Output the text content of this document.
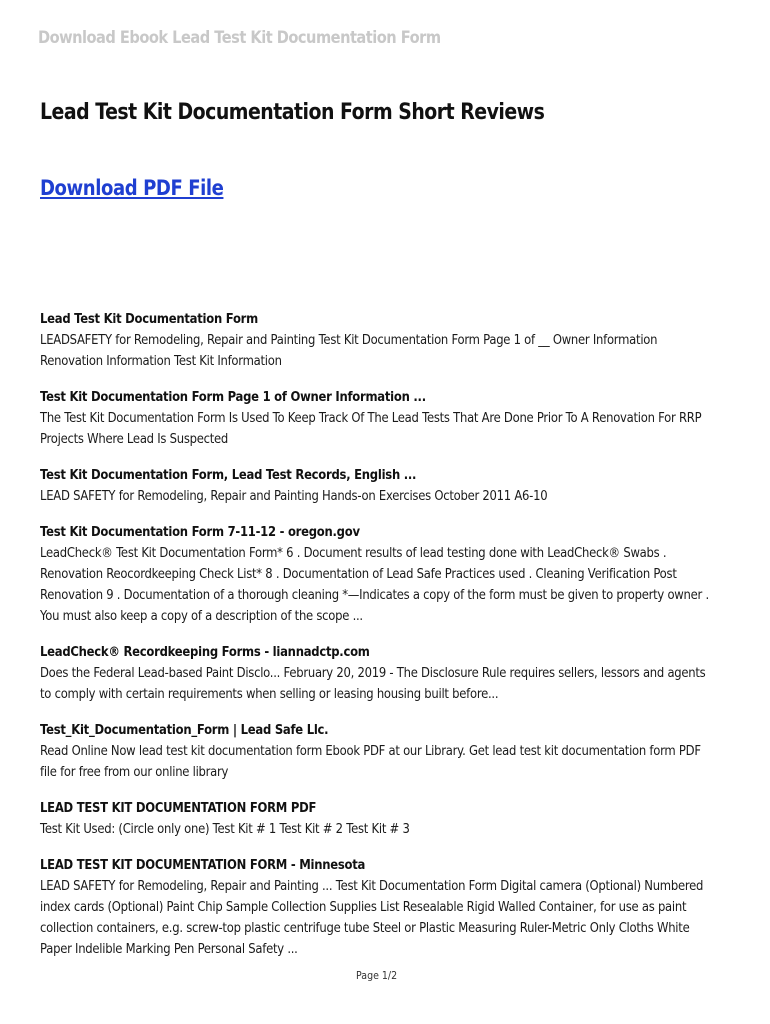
Download Ebook Lead Test Kit Documentation Form
Lead Test Kit Documentation Form Short Reviews
Download PDF File
Lead Test Kit Documentation Form
LEADSAFETY for Remodeling, Repair and Painting Test Kit Documentation Form Page 1 of __ Owner Information Renovation Information Test Kit Information
Test Kit Documentation Form Page 1 of Owner Information ...
The Test Kit Documentation Form Is Used To Keep Track Of The Lead Tests That Are Done Prior To A Renovation For RRP Projects Where Lead Is Suspected
Test Kit Documentation Form, Lead Test Records, English ...
LEAD SAFETY for Remodeling, Repair and Painting Hands-on Exercises October 2011 A6-10
Test Kit Documentation Form 7-11-12 - oregon.gov
LeadCheck® Test Kit Documentation Form* 6 . Document results of lead testing done with LeadCheck® Swabs . Renovation Reocordkeeping Check List* 8 . Documentation of Lead Safe Practices used . Cleaning Verification Post Renovation 9 . Documentation of a thorough cleaning *—Indicates a copy of the form must be given to property owner . You must also keep a copy of a description of the scope ...
LeadCheck® Recordkeeping Forms - liannadctp.com
Does the Federal Lead-based Paint Disclo... February 20, 2019 - The Disclosure Rule requires sellers, lessors and agents to comply with certain requirements when selling or leasing housing built before...
Test_Kit_Documentation_Form | Lead Safe Llc.
Read Online Now lead test kit documentation form Ebook PDF at our Library. Get lead test kit documentation form PDF file for free from our online library
LEAD TEST KIT DOCUMENTATION FORM PDF
Test Kit Used: (Circle only one) Test Kit # 1 Test Kit # 2 Test Kit # 3
LEAD TEST KIT DOCUMENTATION FORM - Minnesota
LEAD SAFETY for Remodeling, Repair and Painting ... Test Kit Documentation Form Digital camera (Optional) Numbered index cards (Optional) Paint Chip Sample Collection Supplies List Resealable Rigid Walled Container, for use as paint collection containers, e.g. screw-top plastic centrifuge tube Steel or Plastic Measuring Ruler-Metric Only Cloths White Paper Indelible Marking Pen Personal Safety ...
Page 1/2
